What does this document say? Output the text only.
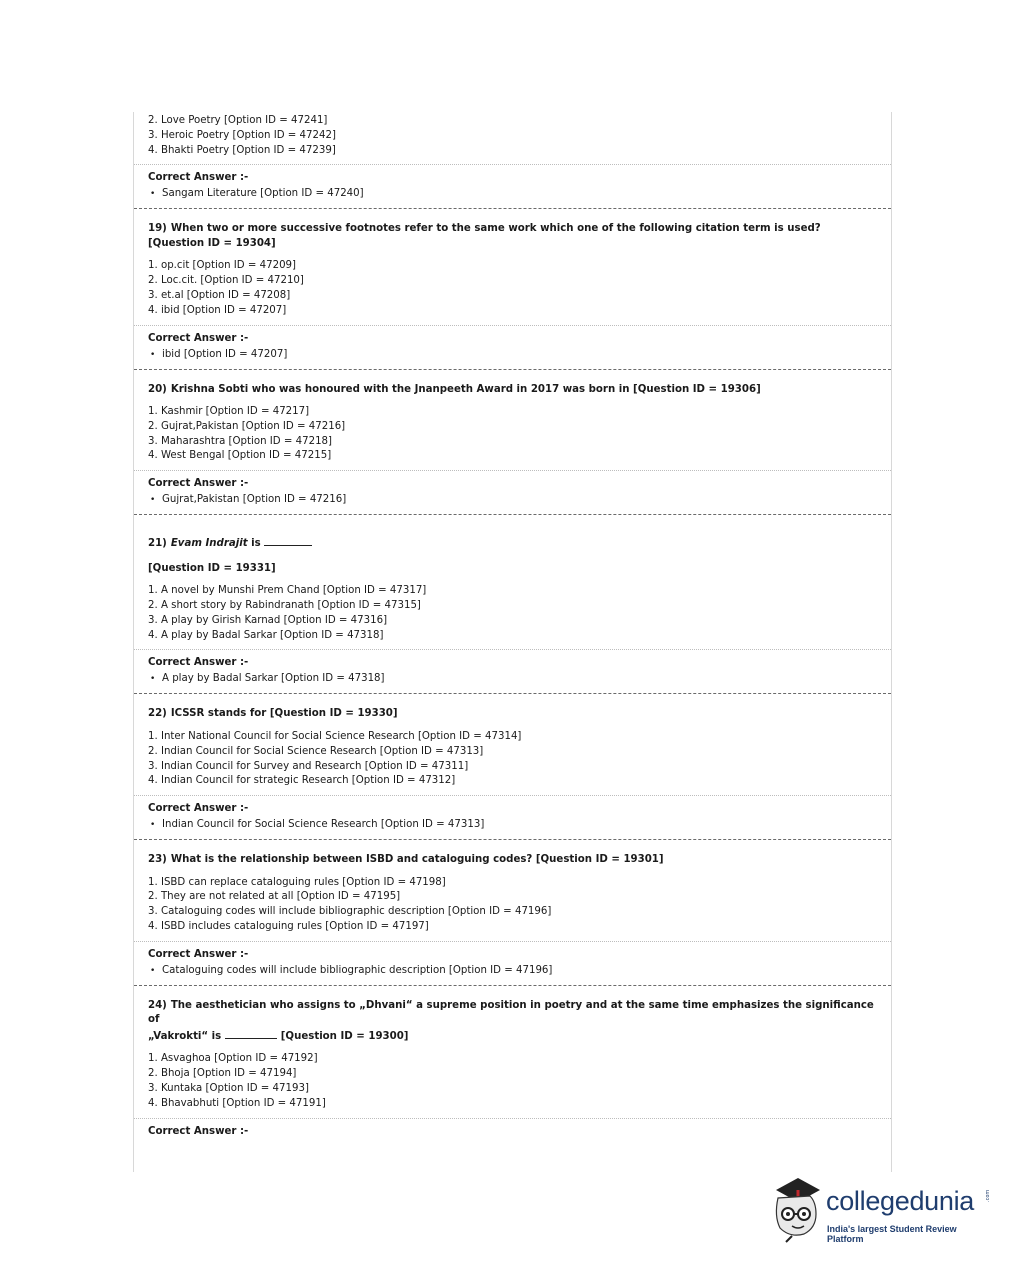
2. Love Poetry [Option ID = 47241]
3. Heroic Poetry [Option ID = 47242]
4. Bhakti Poetry [Option ID = 47239]
Correct Answer :-
• Sangam Literature [Option ID = 47240]
19) When two or more successive footnotes refer to the same work which one of the following citation term is used? [Question ID = 19304]
1. op.cit [Option ID = 47209]
2. Loc.cit. [Option ID = 47210]
3. et.al [Option ID = 47208]
4. ibid [Option ID = 47207]
Correct Answer :-
• ibid [Option ID = 47207]
20) Krishna Sobti who was honoured with the Jnanpeeth Award in 2017 was born in [Question ID = 19306]
1. Kashmir [Option ID = 47217]
2. Gujrat,Pakistan [Option ID = 47216]
3. Maharashtra [Option ID = 47218]
4. West Bengal [Option ID = 47215]
Correct Answer :-
• Gujrat,Pakistan [Option ID = 47216]
21) Evam Indrajit is
[Question ID = 19331]
1. A novel by Munshi Prem Chand [Option ID = 47317]
2. A short story by Rabindranath [Option ID = 47315]
3. A play by Girish Karnad [Option ID = 47316]
4. A play by Badal Sarkar [Option ID = 47318]
Correct Answer :-
• A play by Badal Sarkar [Option ID = 47318]
22) ICSSR stands for [Question ID = 19330]
1. Inter National Council for Social Science Research [Option ID = 47314]
2. Indian Council for Social Science Research [Option ID = 47313]
3. Indian Council for Survey and Research [Option ID = 47311]
4. Indian Council for strategic Research [Option ID = 47312]
Correct Answer :-
• Indian Council for Social Science Research [Option ID = 47313]
23) What is the relationship between ISBD and cataloguing codes? [Question ID = 19301]
1. ISBD can replace cataloguing rules [Option ID = 47198]
2. They are not related at all [Option ID = 47195]
3. Cataloguing codes will include bibliographic description [Option ID = 47196]
4. ISBD includes cataloguing rules [Option ID = 47197]
Correct Answer :-
• Cataloguing codes will include bibliographic description [Option ID = 47196]
24) The aesthetician who assigns to „Dhvani“ a supreme position in poetry and at the same time emphasizes the significance of
„Vakrokti“ is	[Question ID = 19300]
1. Asvaghoa [Option ID = 47192]
2. Bhoja [Option ID = 47194]
3. Kuntaka [Option ID = 47193]
4. Bhavabhuti [Option ID = 47191]
Correct Answer :-
collegedunia .com
India's largest Student Review Platform
